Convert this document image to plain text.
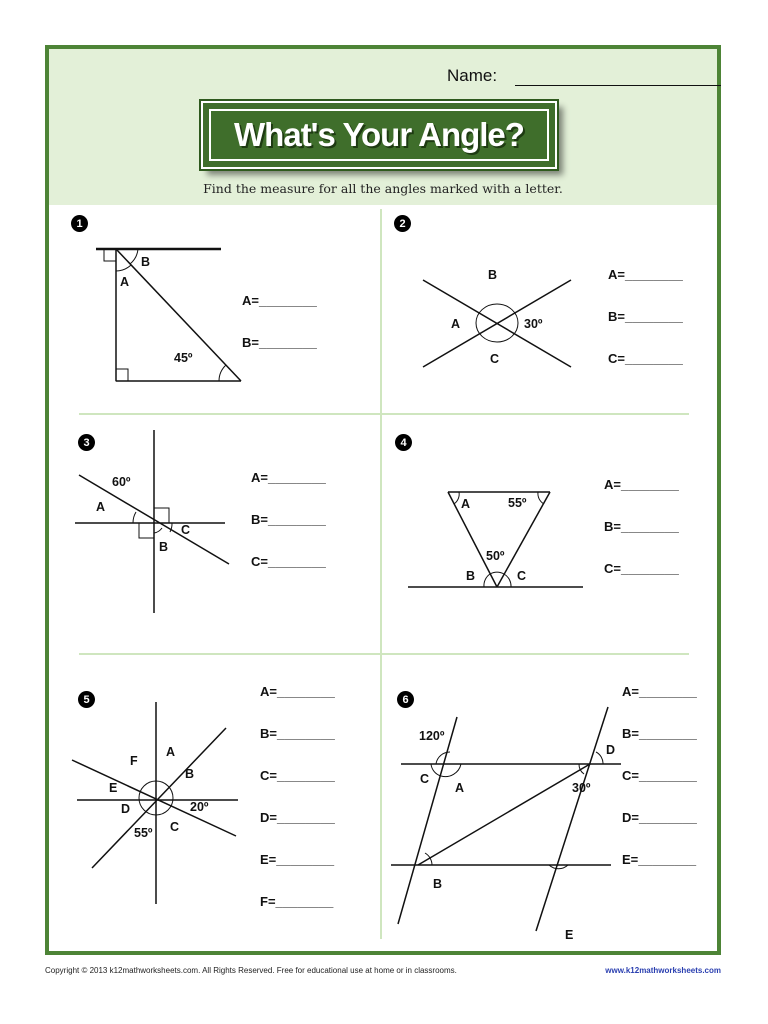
Name:
What's Your Angle?
Find the measure for all the angles marked with a letter.
1
B
A
45º
A=________
B=________
2
B
A	30º
C
A=________
B=________
C=________
3
60º
A
C
B
A=________
B=________
C=________
4
A	55º
50º
B	C
A=________
B=________
C=________
5
F
A
B
E
D	20º
55º C
A=________
B=________
C=________
D=________
E=________
F=________
6
120º
C
A
D
30º
B
E
A=________
B=________
C=________
D=________
E=________
Copyright © 2013 k12mathworksheets.com. All Rights Reserved. Free for educational use at home or in classrooms.	www.k12mathworksheets.com
